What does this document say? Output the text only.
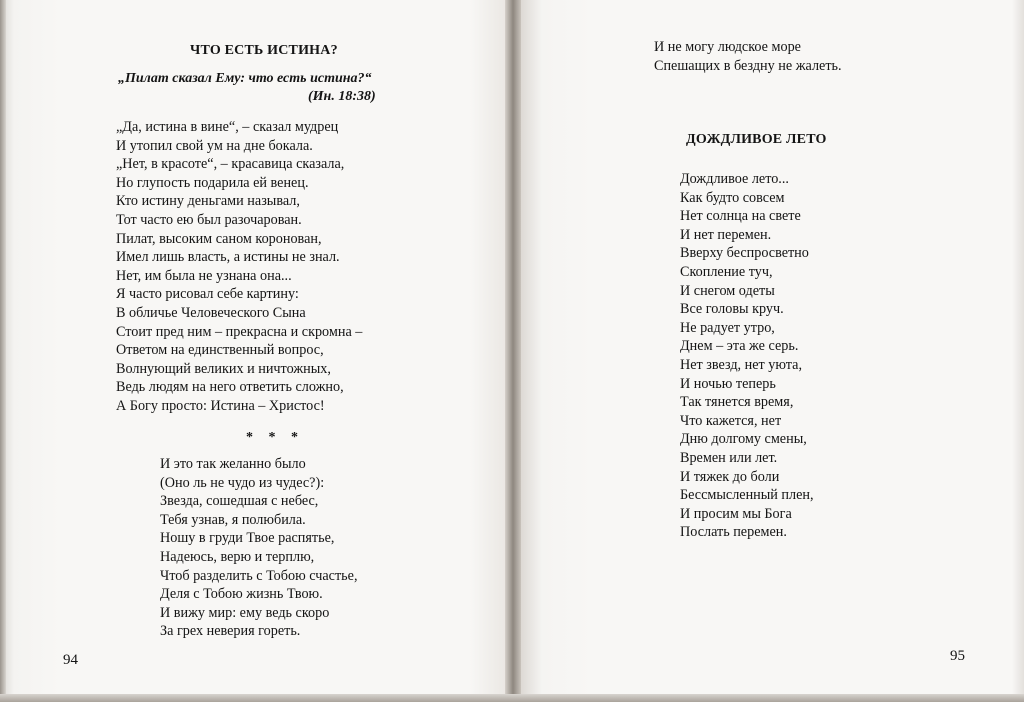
ЧТО ЕСТЬ ИСТИНА?
„Пилат сказал Ему: что есть истина?“
(Ин. 18:38)
„Да, истина в вине“, – сказал мудрец
И утопил свой ум на дне бокала.
„Нет, в красоте“, – красавица сказала,
Но глупость подарила ей венец.
Кто истину деньгами называл,
Тот часто ею был разочарован.
Пилат, высоким саном коронован,
Имел лишь власть, а истины не знал.
Нет, им была не узнана она...
Я часто рисовал себе картину:
В обличье Человеческого Сына
Стоит пред ним – прекрасна и скромна –
Ответом на единственный вопрос,
Волнующий великих и ничтожных,
Ведь людям на него ответить сложно,
А Богу просто: Истина – Христос!
* * *
И это так желанно было
(Оно ль не чудо из чудес?):
Звезда, сошедшая с небес,
Тебя узнав, я полюбила.
Ношу в груди Твое распятье,
Надеюсь, верю и терплю,
Чтоб разделить с Тобою счастье,
Деля с Тобою жизнь Твою.
И вижу мир: ему ведь скоро
За грех неверия гореть.
94
И не могу людское море
Спешащих в бездну не жалеть.
ДОЖДЛИВОЕ ЛЕТО
Дождливое лето...
Как будто совсем
Нет солнца на свете
И нет перемен.
Вверху беспросветно
Скопление туч,
И снегом одеты
Все головы круч.
Не радует утро,
Днем – эта же серь.
Нет звезд, нет уюта,
И ночью теперь
Так тянется время,
Что кажется, нет
Дню долгому смены,
Времен или лет.
И тяжек до боли
Бессмысленный плен,
И просим мы Бога
Послать перемен.
95
